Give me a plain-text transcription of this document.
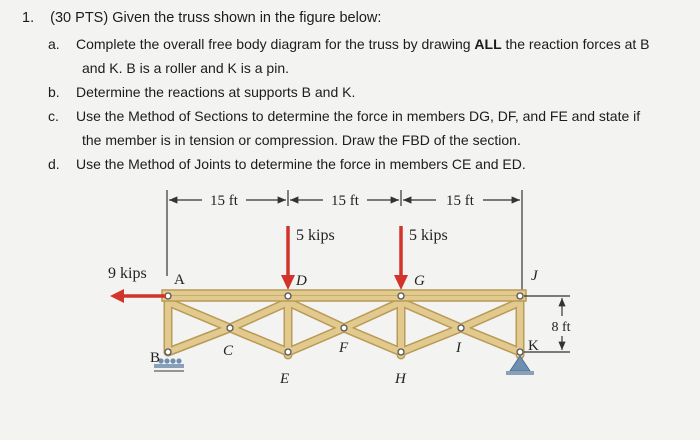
1. (30 PTS) Given the truss shown in the figure below:
a. Complete the overall free body diagram for the truss by drawing ALL the reaction forces at B
and K. B is a roller and K is a pin.
b. Determine the reactions at supports B and K.
c. Use the Method of Sections to determine the force in members DG, DF, and FE and state if
the member is in tension or compression. Draw the FBD of the section.
d. Use the Method of Joints to determine the force in members CE and ED.
15 ft	15 ft	15 ft
8 ft
9 kips
5 kips	5 kips
A
B	C
D
E
F
G
H
I
J
K
